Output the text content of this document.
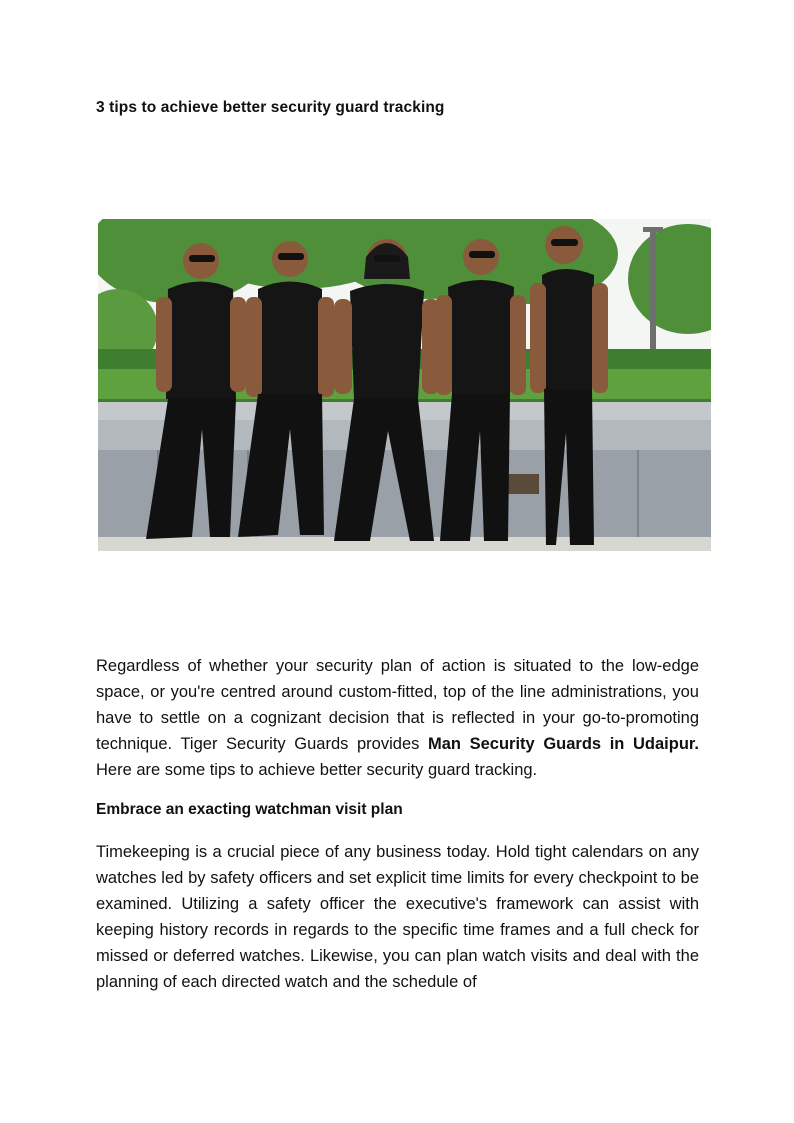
3 tips to achieve better security guard tracking

Regardless of whether your security plan of action is situated to the low-edge space, or you're centred around custom-fitted, top of the line administrations, you have to settle on a cognizant decision that is reflected in your go-to-promoting technique. Tiger Security Guards provides Man Security Guards in Udaipur. Here are some tips to achieve better security guard tracking.

Embrace an exacting watchman visit plan

Timekeeping is a crucial piece of any business today. Hold tight calendars on any watches led by safety officers and set explicit time limits for every checkpoint to be examined. Utilizing a safety officer the executive's framework can assist with keeping history records in regards to the specific time frames and a full check for missed or deferred watches. Likewise, you can plan watch visits and deal with the planning of each directed watch and the schedule of
